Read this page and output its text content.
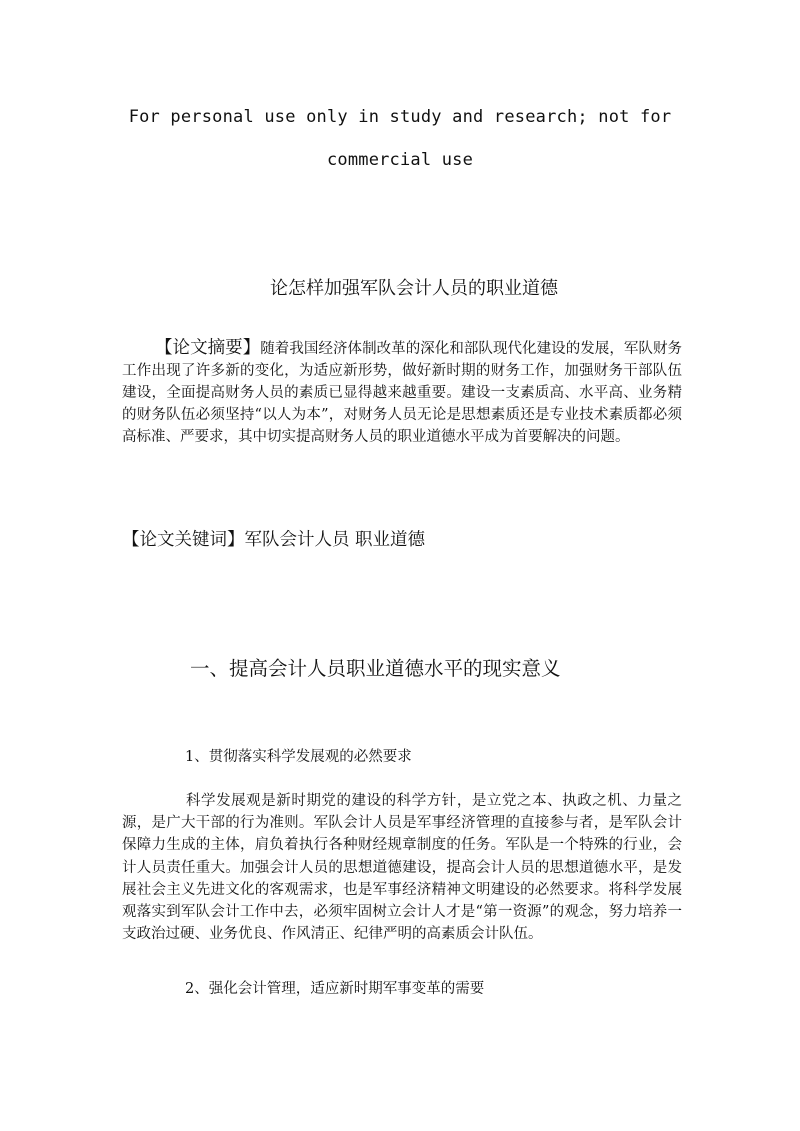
For personal use only in study and research; not for
commercial use
论怎样加强军队会计人员的职业道德
【论文摘要】随着我国经济体制改革的深化和部队现代化建设的发展，军队财务工作出现了许多新的变化，为适应新形势，做好新时期的财务工作，加强财务干部队伍建设，全面提高财务人员的素质已显得越来越重要。建设一支素质高、水平高、业务精的财务队伍必须坚持“以人为本”，对财务人员无论是思想素质还是专业技术素质都必须高标准、严要求，其中切实提高财务人员的职业道德水平成为首要解决的问题。
【论文关键词】军队会计人员 职业道德
一、提高会计人员职业道德水平的现实意义
1、贯彻落实科学发展观的必然要求
科学发展观是新时期党的建设的科学方针，是立党之本、执政之机、力量之源，是广大干部的行为准则。军队会计人员是军事经济管理的直接参与者，是军队会计保障力生成的主体，肩负着执行各种财经规章制度的任务。军队是一个特殊的行业，会计人员责任重大。加强会计人员的思想道德建设，提高会计人员的思想道德水平，是发展社会主义先进文化的客观需求，也是军事经济精神文明建设的必然要求。将科学发展观落实到军队会计工作中去，必须牢固树立会计人才是“第一资源”的观念，努力培养一支政治过硬、业务优良、作风清正、纪律严明的高素质会计队伍。
2、强化会计管理，适应新时期军事变革的需要
